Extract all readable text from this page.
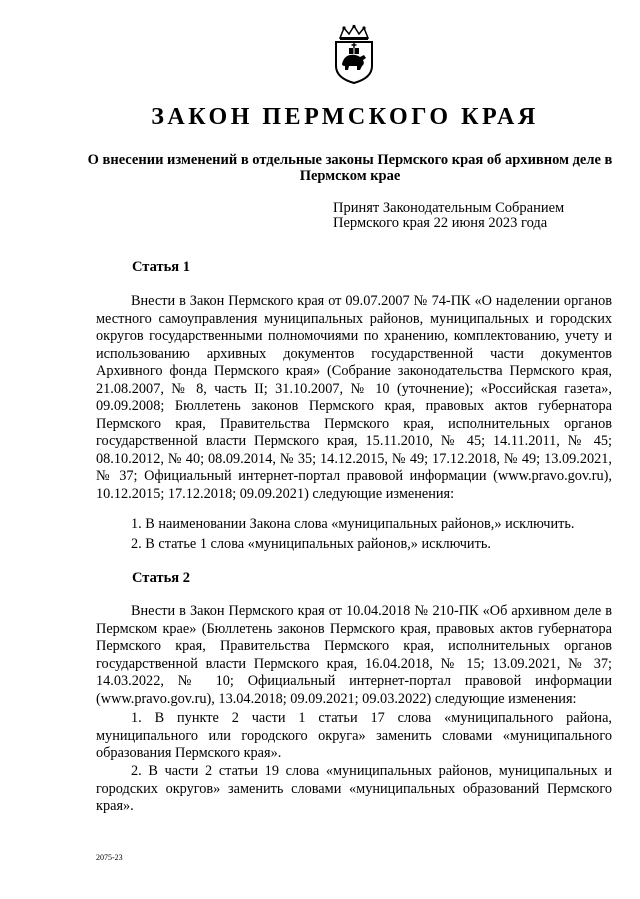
ЗАКОН ПЕРМСКОГО КРАЯ
О внесении изменений в отдельные законы Пермского края об архивном деле в Пермском крае
Принят Законодательным Собранием
Пермского края 22 июня 2023 года
Статья 1

Внести в Закон Пермского края от 09.07.2007 № 74-ПК «О наделении органов местного самоуправления муниципальных районов, муниципальных и городских округов государственными полномочиями по хранению, комплектованию, учету и использованию архивных документов государственной части документов Архивного фонда Пермского края» (Собрание законодательства Пермского края, 21.08.2007, № 8, часть II; 31.10.2007, № 10 (уточнение); «Российская газета», 09.09.2008; Бюллетень законов Пермского края, правовых актов губернатора Пермского края, Правительства Пермского края, исполнительных органов государственной власти Пермского края, 15.11.2010, № 45; 14.11.2011, № 45; 08.10.2012, № 40; 08.09.2014, № 35; 14.12.2015, № 49; 17.12.2018, № 49; 13.09.2021, № 37; Официальный интернет-портал правовой информации (www.pravo.gov.ru), 10.12.2015; 17.12.2018; 09.09.2021) следующие изменения:

1. В наименовании Закона слова «муниципальных районов,» исключить.

2. В статье 1 слова «муниципальных районов,» исключить.

Статья 2

Внести в Закон Пермского края от 10.04.2018 № 210-ПК «Об архивном деле в Пермском крае» (Бюллетень законов Пермского края, правовых актов губернатора Пермского края, Правительства Пермского края, исполнительных органов государственной власти Пермского края, 16.04.2018, № 15; 13.09.2021, № 37; 14.03.2022, № 10; Официальный интернет-портал правовой информации (www.pravo.gov.ru), 13.04.2018; 09.09.2021; 09.03.2022) следующие изменения:

1. В пункте 2 части 1 статьи 17 слова «муниципального района, муниципального или городского округа» заменить словами «муниципального образования Пермского края».

2. В части 2 статьи 19 слова «муниципальных районов, муниципальных и городских округов» заменить словами «муниципальных образований Пермского края».

2075-23
